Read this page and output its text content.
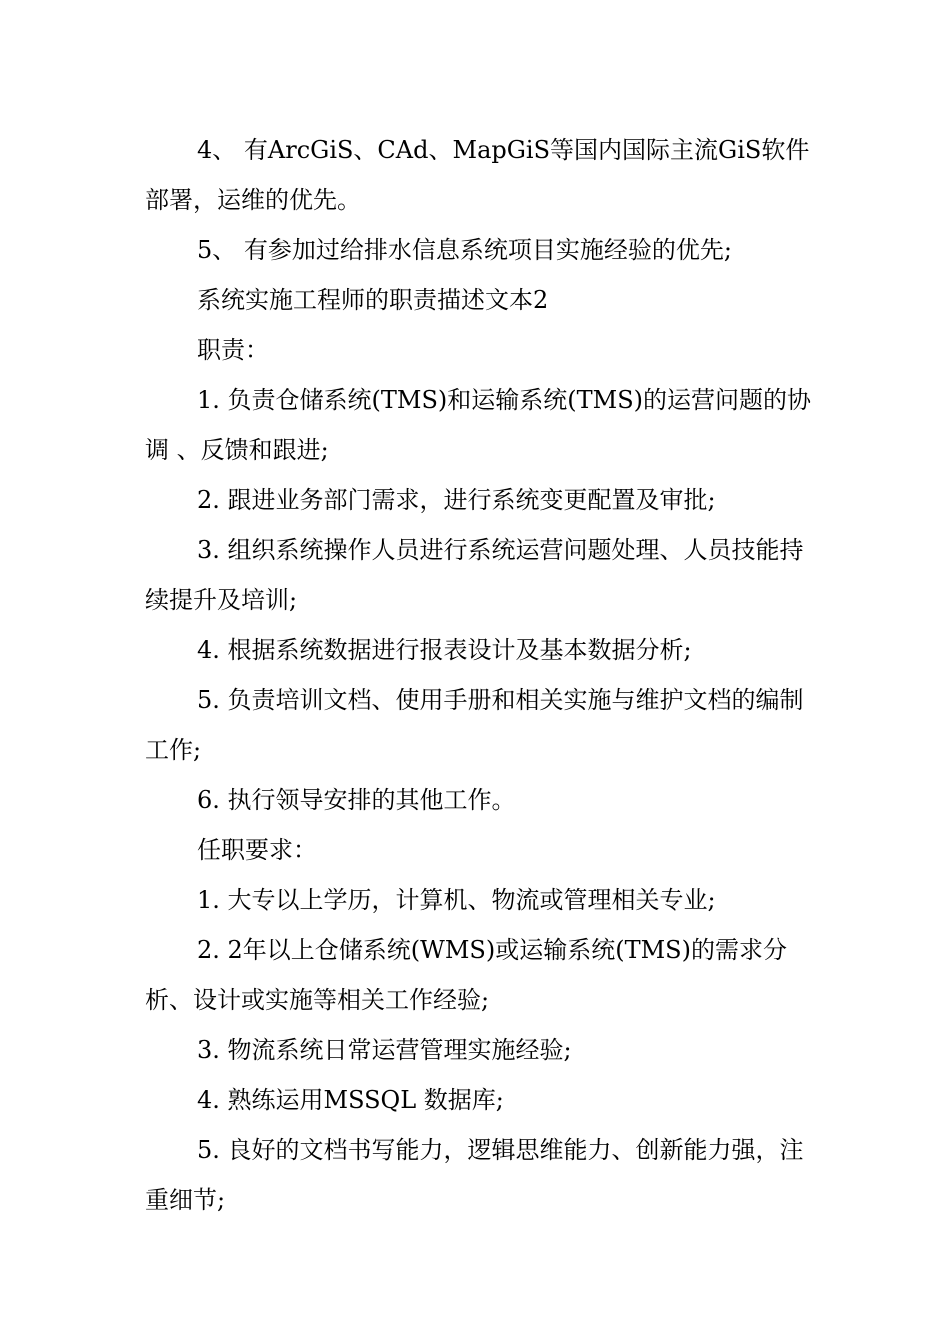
4、 有ArcGiS、CAd、MapGiS等国内国际主流GiS软件部署，运维的优先。

5、 有参加过给排水信息系统项目实施经验的优先;

系统实施工程师的职责描述文本2

职责：

1. 负责仓储系统(TMS)和运输系统(TMS)的运营问题的协调 、反馈和跟进;

2. 跟进业务部门需求，进行系统变更配置及审批;

3. 组织系统操作人员进行系统运营问题处理、人员技能持续提升及培训;

4. 根据系统数据进行报表设计及基本数据分析;

5. 负责培训文档、使用手册和相关实施与维护文档的编制工作;

6. 执行领导安排的其他工作。

任职要求：

1. 大专以上学历，计算机、物流或管理相关专业;

2. 2年以上仓储系统(WMS)或运输系统(TMS)的需求分析、设计或实施等相关工作经验;

3. 物流系统日常运营管理实施经验;

4. 熟练运用MSSQL 数据库;

5. 良好的文档书写能力，逻辑思维能力、创新能力强，注重细节;
